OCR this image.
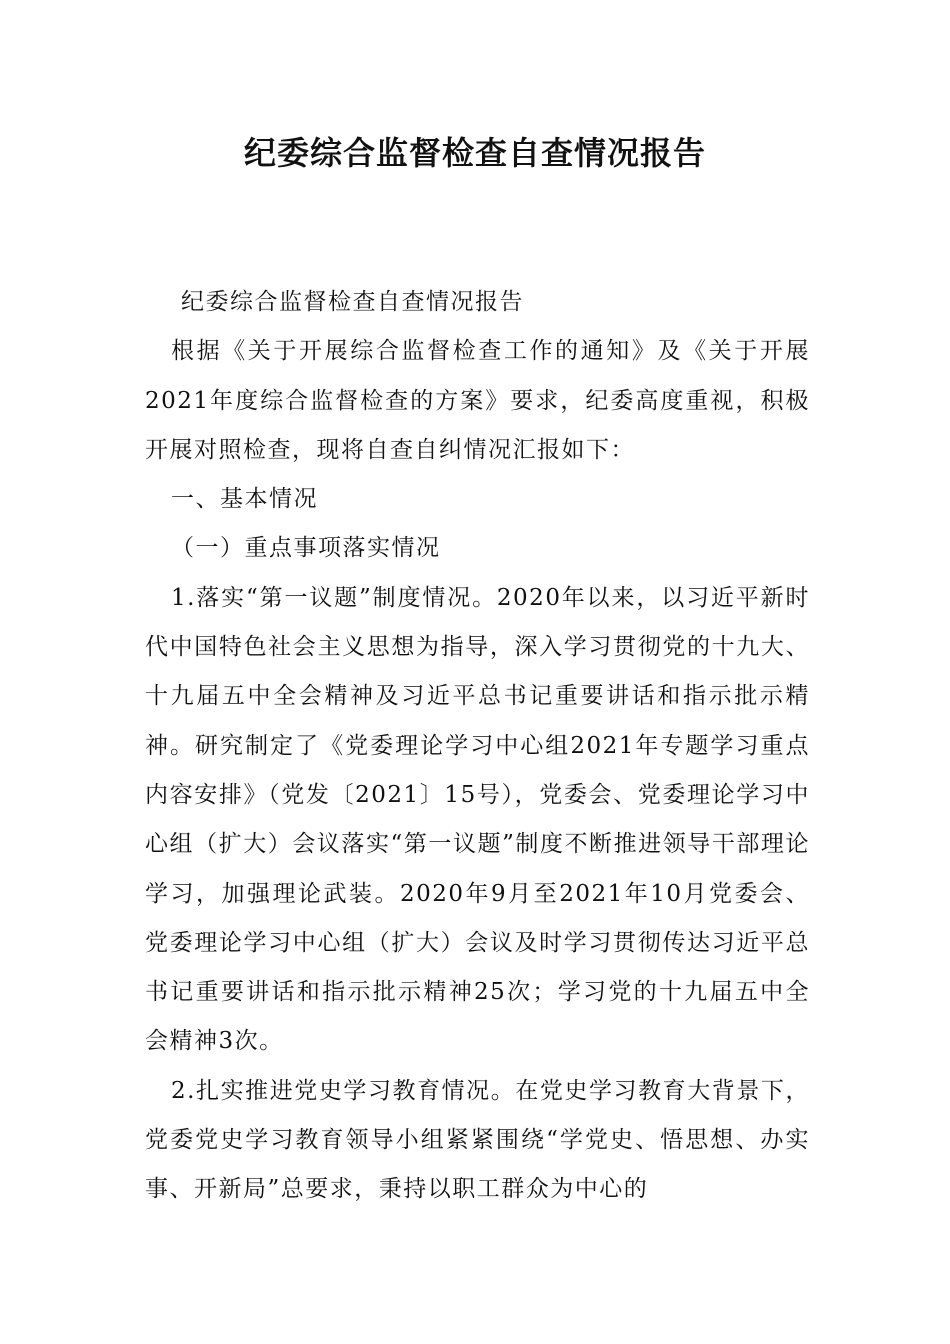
纪委综合监督检查自查情况报告

纪委综合监督检查自查情况报告

根据《关于开展综合监督检查工作的通知》及《关于开展2021年度综合监督检查的方案》要求，纪委高度重视，积极开展对照检查，现将自查自纠情况汇报如下：

一、基本情况

（一）重点事项落实情况

1.落实“第一议题”制度情况。2020年以来，以习近平新时代中国特色社会主义思想为指导，深入学习贯彻党的十九大、十九届五中全会精神及习近平总书记重要讲话和指示批示精神。研究制定了《党委理论学习中心组2021年专题学习重点内容安排》（党发〔2021〕15号），党委会、党委理论学习中心组（扩大）会议落实“第一议题”制度不断推进领导干部理论学习，加强理论武装。2020年9月至2021年10月党委会、党委理论学习中心组（扩大）会议及时学习贯彻传达习近平总书记重要讲话和指示批示精神25次；学习党的十九届五中全会精神3次。

2.扎实推进党史学习教育情况。在党史学习教育大背景下，党委党史学习教育领导小组紧紧围绕“学党史、悟思想、办实事、开新局”总要求，秉持以职工群众为中心的
